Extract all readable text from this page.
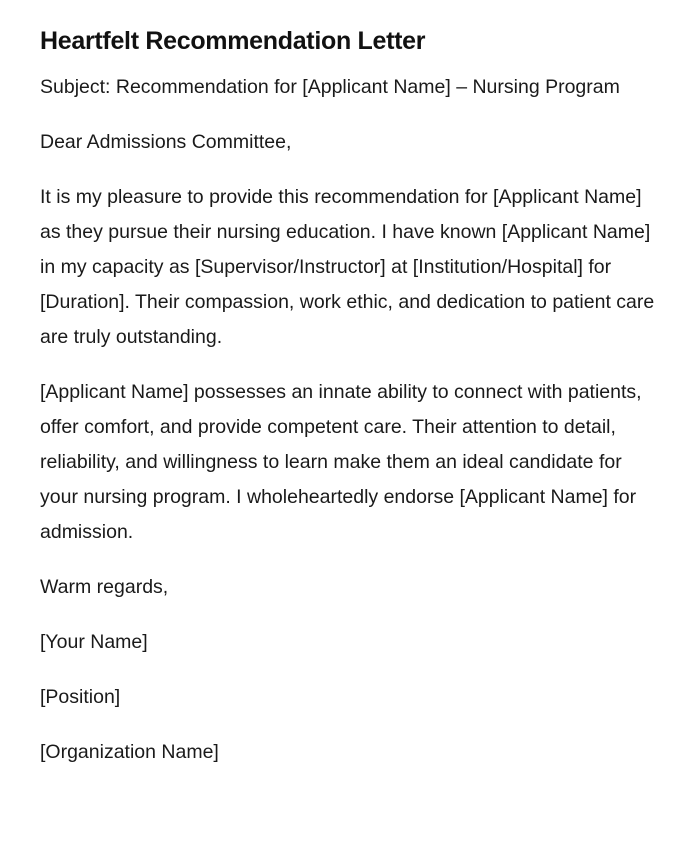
Heartfelt Recommendation Letter

Subject: Recommendation for [Applicant Name] – Nursing Program

Dear Admissions Committee,

It is my pleasure to provide this recommendation for [Applicant Name] as they pursue their nursing education. I have known [Applicant Name] in my capacity as [Supervisor/Instructor] at [Institution/Hospital] for [Duration]. Their compassion, work ethic, and dedication to patient care are truly outstanding.

[Applicant Name] possesses an innate ability to connect with patients, offer comfort, and provide competent care. Their attention to detail, reliability, and willingness to learn make them an ideal candidate for your nursing program. I wholeheartedly endorse [Applicant Name] for admission.

Warm regards,

[Your Name]

[Position]

[Organization Name]
